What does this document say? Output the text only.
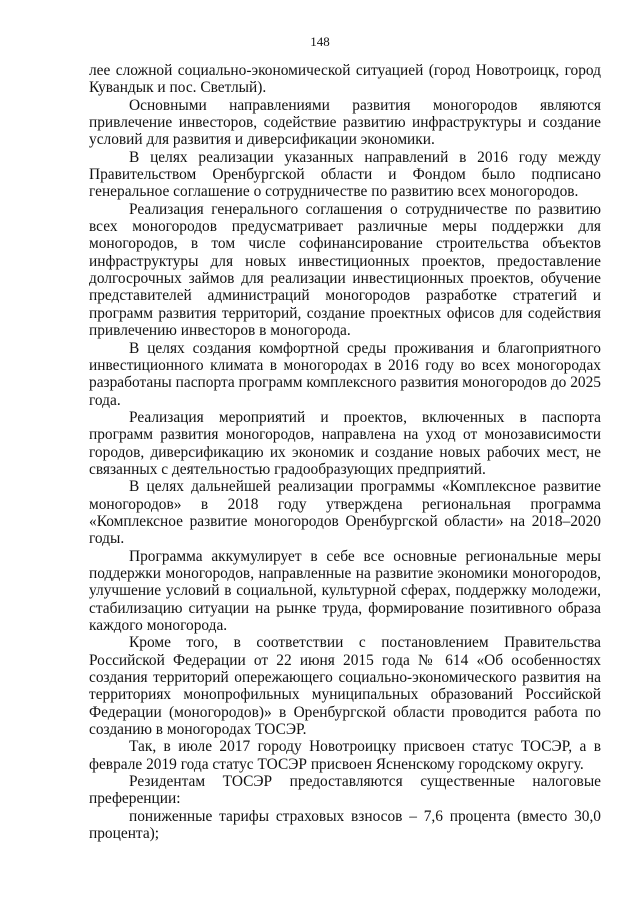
148

лее сложной социально-экономической ситуацией (город Новотроицк, город Кувандык и пос. Светлый).

Основными направлениями развития моногородов являются привлечение инвесторов, содействие развитию инфраструктуры и создание условий для развития и диверсификации экономики.

В целях реализации указанных направлений в 2016 году между Правительством Оренбургской области и Фондом было подписано генеральное соглашение о сотрудничестве по развитию всех моногородов.

Реализация генерального соглашения о сотрудничестве по развитию всех моногородов предусматривает различные меры поддержки для моногородов, в том числе софинансирование строительства объектов инфраструктуры для новых инвестиционных проектов, предоставление долгосрочных займов для реализации инвестиционных проектов, обучение представителей администраций моногородов разработке стратегий и программ развития территорий, создание проектных офисов для содействия привлечению инвесторов в моногорода.

В целях создания комфортной среды проживания и благоприятного инвестиционного климата в моногородах в 2016 году во всех моногородах разработаны паспорта программ комплексного развития моногородов до 2025 года.

Реализация мероприятий и проектов, включенных в паспорта программ развития моногородов, направлена на уход от монозависимости городов, диверсификацию их экономик и создание новых рабочих мест, не связанных с деятельностью градообразующих предприятий.

В целях дальнейшей реализации программы «Комплексное развитие моногородов» в 2018 году утверждена региональная программа «Комплексное развитие моногородов Оренбургской области» на 2018–2020 годы.

Программа аккумулирует в себе все основные региональные меры поддержки моногородов, направленные на развитие экономики моногородов, улучшение условий в социальной, культурной сферах, поддержку молодежи, стабилизацию ситуации на рынке труда, формирование позитивного образа каждого моногорода.

Кроме того, в соответствии с постановлением Правительства Российской Федерации от 22 июня 2015 года № 614 «Об особенностях создания территорий опережающего социально-экономического развития на территориях монопрофильных муниципальных образований Российской Федерации (моногородов)» в Оренбургской области проводится работа по созданию в моногородах ТОСЭР.

Так, в июле 2017 городу Новотроицку присвоен статус ТОСЭР, а в феврале 2019 года статус ТОСЭР присвоен Ясненскому городскому округу.

Резидентам ТОСЭР предоставляются существенные налоговые преференции:

пониженные тарифы страховых взносов – 7,6 процента (вместо 30,0 процента);
